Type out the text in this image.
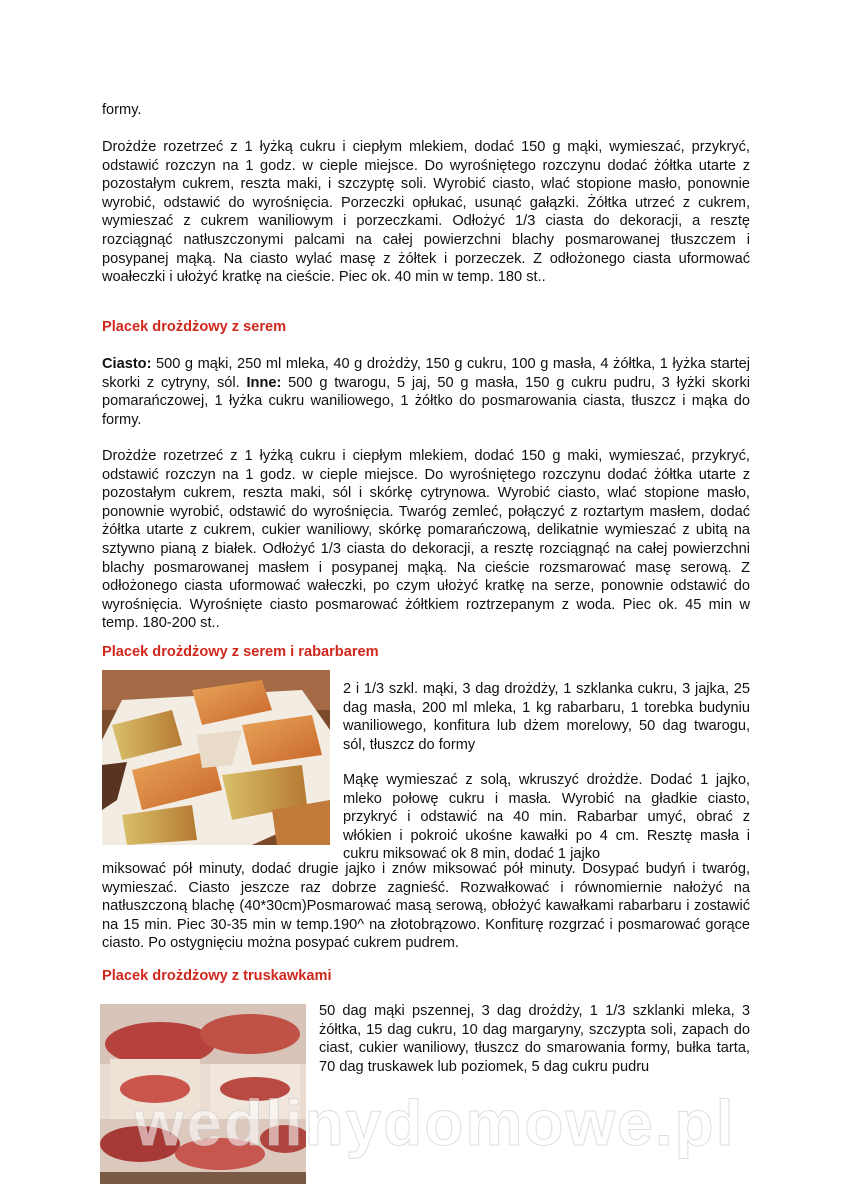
formy.

Drożdże rozetrzeć z 1 łyżką cukru i ciepłym mlekiem, dodać 150 g mąki, wymieszać, przykryć, odstawić rozczyn na 1 godz. w cieple miejsce. Do wyrośniętego rozczynu dodać żółtka utarte z pozostałym cukrem, reszta maki, i szczyptę soli. Wyrobić ciasto, wlać stopione masło, ponownie wyrobić, odstawić do wyrośnięcia. Porzeczki opłukać, usunąć gałązki. Żółtka utrzeć z cukrem, wymieszać z cukrem waniliowym i porzeczkami. Odłożyć 1/3 ciasta do dekoracji, a resztę rozciągnąć natłuszczonymi palcami na całej powierzchni blachy posmarowanej tłuszczem i posypanej mąką. Na ciasto wylać masę z żółtek i porzeczek. Z odłożonego ciasta uformować woałeczki i ułożyć kratkę na cieście. Piec ok. 40 min w temp. 180 st..

Placek drożdżowy z serem

Ciasto: 500 g mąki, 250 ml mleka, 40 g drożdży, 150 g cukru, 100 g masła, 4 żółtka, 1 łyżka startej skorki z cytryny, sól. Inne: 500 g twarogu, 5 jaj, 50 g masła, 150 g cukru pudru, 3 łyżki skorki pomarańczowej, 1 łyżka cukru waniliowego, 1 żółtko do posmarowania ciasta, tłuszcz i mąka do formy.

Drożdże rozetrzeć z 1 łyżką cukru i ciepłym mlekiem, dodać 150 g maki, wymieszać, przykryć, odstawić rozczyn na 1 godz. w cieple miejsce. Do wyrośniętego rozczynu dodać żółtka utarte z pozostałym cukrem, reszta maki, sól i skórkę cytrynowa. Wyrobić ciasto, wlać stopione masło, ponownie wyrobić, odstawić do wyrośnięcia. Twaróg zemleć, połączyć z roztartym masłem, dodać żółtka utarte z cukrem, cukier waniliowy, skórkę pomarańczową, delikatnie wymieszać z ubitą na sztywno pianą z białek. Odłożyć 1/3 ciasta do dekoracji, a resztę rozciągnąć na całej powierzchni blachy posmarowanej masłem i posypanej mąką. Na cieście rozsmarować masę serową. Z odłożonego ciasta uformować wałeczki, po czym ułożyć kratkę na serze, ponownie odstawić do wyrośnięcia. Wyrośnięte ciasto posmarować żółtkiem roztrzepanym z woda. Piec ok. 45 min w temp. 180-200 st..

Placek drożdżowy z serem i rabarbarem

2 i 1/3 szkl. mąki, 3 dag drożdży, 1 szklanka cukru, 3 jajka, 25 dag masła, 200 ml mleka, 1 kg rabarbaru, 1 torebka budyniu waniliowego, konfitura lub dżem morelowy, 50 dag twarogu, sól, tłuszcz do formy

Mąkę wymieszać z solą, wkruszyć drożdże. Dodać 1 jajko, mleko połowę cukru i masła. Wyrobić na gładkie ciasto, przykryć i odstawić na 40 min. Rabarbar umyć, obrać z włókien i pokroić ukośne kawałki po 4 cm. Resztę masła i cukru miksować ok 8 min, dodać 1 jajko

miksować pół minuty, dodać drugie jajko i znów miksować pół minuty. Dosypać budyń i twaróg, wymieszać. Ciasto jeszcze raz dobrze zagnieść. Rozwałkować i równomiernie nałożyć na natłuszczoną blachę (40*30cm)Posmarować masą serową, obłożyć kawałkami rabarbaru i zostawić na 15 min. Piec 30-35 min w temp.190^ na złotobrązowo. Konfiturę rozgrzać i posmarować gorące ciasto. Po ostygnięciu można posypać cukrem pudrem.

Placek drożdżowy z truskawkami

50 dag mąki pszennej, 3 dag drożdży, 1 1/3 szklanki mleka, 3 żółtka, 15 dag cukru, 10 dag margaryny, szczypta soli, zapach do ciast, cukier waniliowy, tłuszcz do smarowania formy, bułka tarta, 70 dag truskawek lub poziomek, 5 dag cukru pudru

wedlinydomowe.pl
